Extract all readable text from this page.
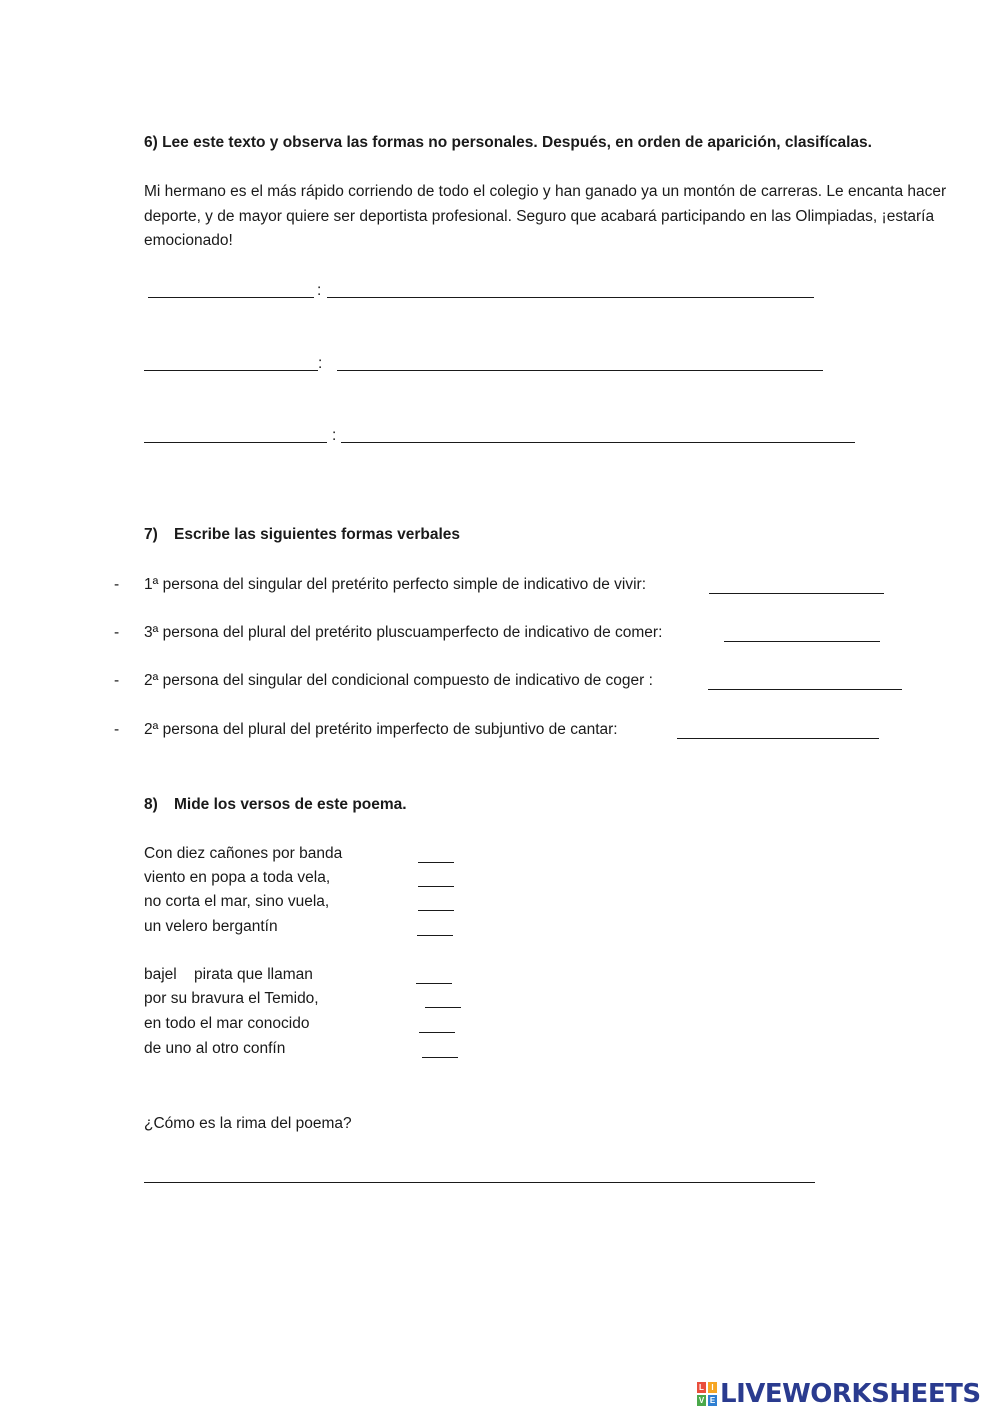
6) Lee este texto y observa las formas no personales. Después, en orden de aparición, clasifícalas.
Mi hermano es el más rápido corriendo de todo el colegio y han ganado ya un montón de carreras. Le encanta hacer deporte, y de mayor quiere ser deportista profesional. Seguro que acabará participando en las Olimpiadas, ¡estaría emocionado!
:
:
:
7) Escribe las siguientes formas verbales
- 1ª persona del singular del pretérito perfecto simple de indicativo de vivir:
- 3ª persona del plural del pretérito pluscuamperfecto de indicativo de comer:
- 2ª persona del singular del condicional compuesto de indicativo de coger :
- 2ª persona del plural del pretérito imperfecto de subjuntivo de cantar:
8) Mide los versos de este poema.
Con diez cañones por banda
viento en popa a toda vela,
no corta el mar, sino vuela,
un velero bergantín
bajel    pirata que llaman
por su bravura el Temido,
en todo el mar conocido
de uno al otro confín
¿Cómo es la rima del poema?
L I
V E LIVEWORKSHEETS
